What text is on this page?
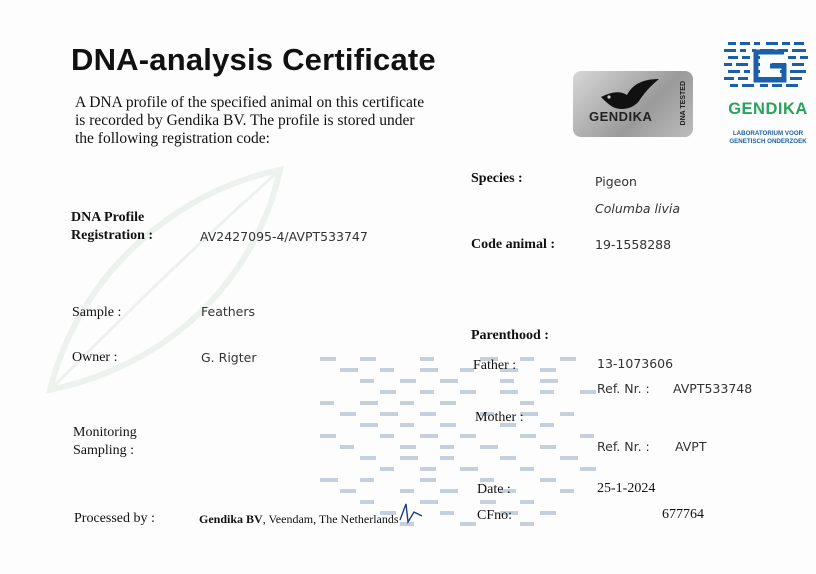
DNA-analysis Certificate
A DNA profile of the specified animal on this certificate is recorded by Gendika BV. The profile is stored under the following registration code:
GENDIKA	DNA TESTED	GENDIKA
LABORATORIUM VOOR GENETISCH ONDERZOEK
DNA Profile
Registration :	AV2427095-4/AVPT533747
Sample :	Feathers
Owner :	G. Rigter
Monitoring
Sampling :
Processed by :	Gendika BV, Veendam, The Netherlands
Species :	Pigeon
Columba livia
Code animal :	19-1558288
Parenthood :
Father :	13-1073606
Ref. Nr. : AVPT533748
Mother :
Ref. Nr. : AVPT
Date :	25-1-2024
CFno:	677764
